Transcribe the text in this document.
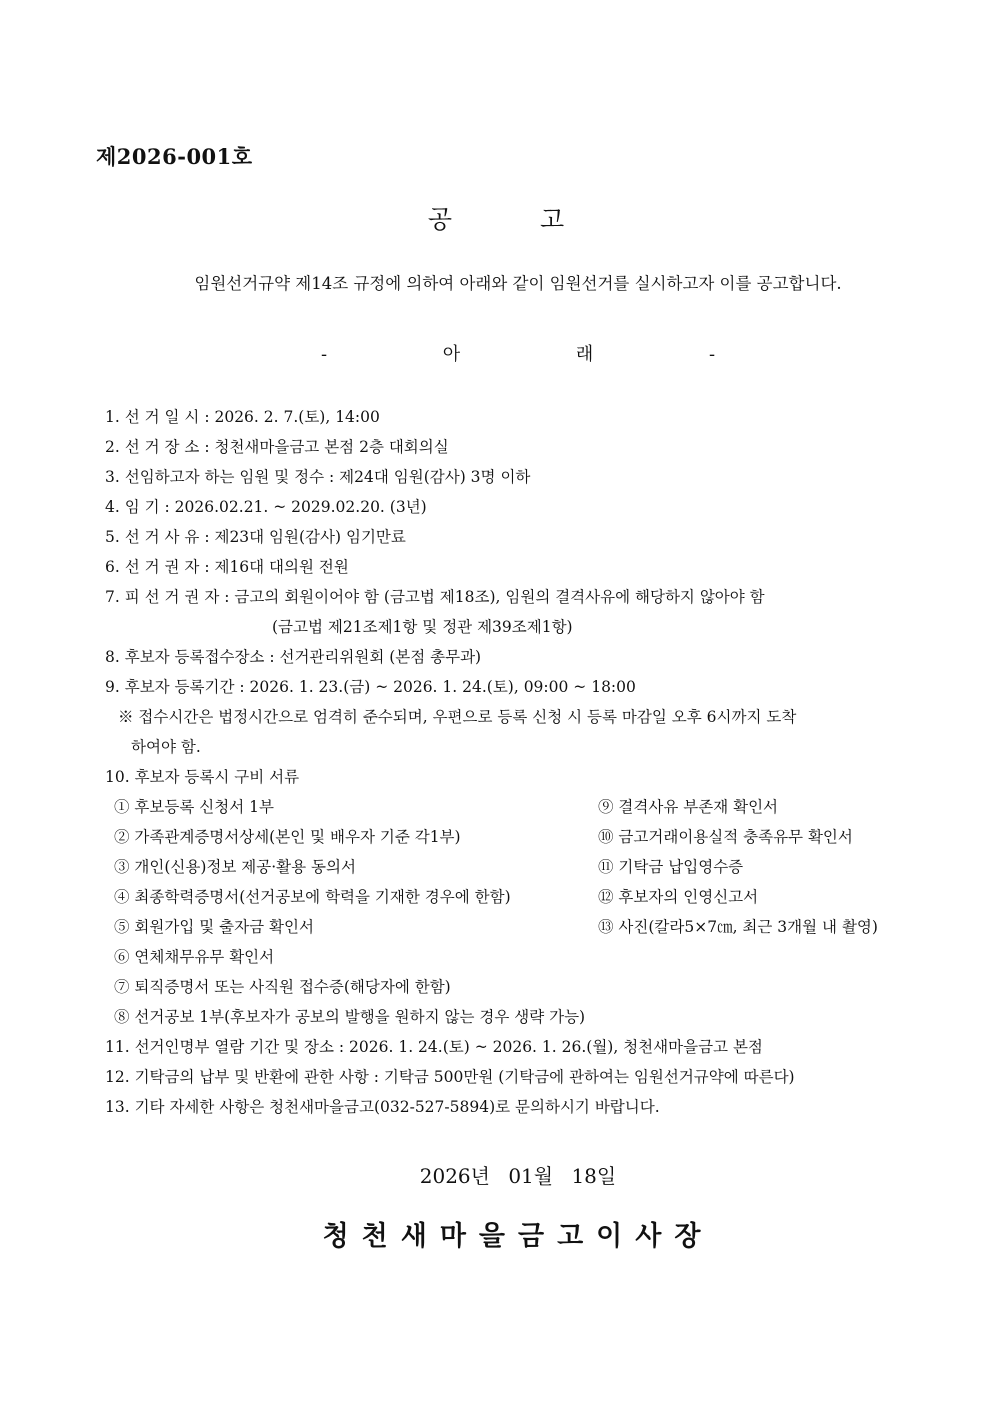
제2026-001호
공 고
임원선거규약 제14조 규정에 의하여 아래와 같이 임원선거를 실시하고자 이를 공고합니다.
- 아 래 -
1. 선 거 일 시 : 2026. 2. 7.(토), 14:00
2. 선 거 장 소 : 청천새마을금고 본점 2층 대회의실
3. 선임하고자 하는 임원 및 정수 : 제24대 임원(감사) 3명 이하
4. 임 기 : 2026.02.21. ~ 2029.02.20. (3년)
5. 선 거 사 유 : 제23대 임원(감사) 임기만료
6. 선 거 권 자 : 제16대 대의원 전원
7. 피 선 거 권 자 : 금고의 회원이어야 함 (금고법 제18조), 임원의 결격사유에 해당하지 않아야 함
(금고법 제21조제1항 및 정관 제39조제1항)
8. 후보자 등록접수장소 : 선거관리위원회 (본점 총무과)
9. 후보자 등록기간 : 2026. 1. 23.(금) ~ 2026. 1. 24.(토), 09:00 ~ 18:00
※ 접수시간은 법정시간으로 엄격히 준수되며, 우편으로 등록 신청 시 등록 마감일 오후 6시까지 도착
하여야 함.
10. 후보자 등록시 구비 서류
① 후보등록 신청서 1부
② 가족관계증명서상세(본인 및 배우자 기준 각1부)
③ 개인(신용)정보 제공·활용 동의서
④ 최종학력증명서(선거공보에 학력을 기재한 경우에 한함)
⑤ 회원가입 및 출자금 확인서
⑥ 연체채무유무 확인서
⑦ 퇴직증명서 또는 사직원 접수증(해당자에 한함)
⑧ 선거공보 1부(후보자가 공보의 발행을 원하지 않는 경우 생략 가능)
⑨ 결격사유 부존재 확인서
⑩ 금고거래이용실적 충족유무 확인서
⑪ 기탁금 납입영수증
⑫ 후보자의 인영신고서
⑬ 사진(칼라5×7㎝, 최근 3개월 내 촬영)
11. 선거인명부 열람 기간 및 장소 : 2026. 1. 24.(토) ~ 2026. 1. 26.(월), 청천새마을금고 본점
12. 기탁금의 납부 및 반환에 관한 사항 : 기탁금 500만원 (기탁금에 관하여는 임원선거규약에 따른다)
13. 기타 자세한 사항은 청천새마을금고(032-527-5894)로 문의하시기 바랍니다.
2026년 01월 18일
청천새마을금고이사장
